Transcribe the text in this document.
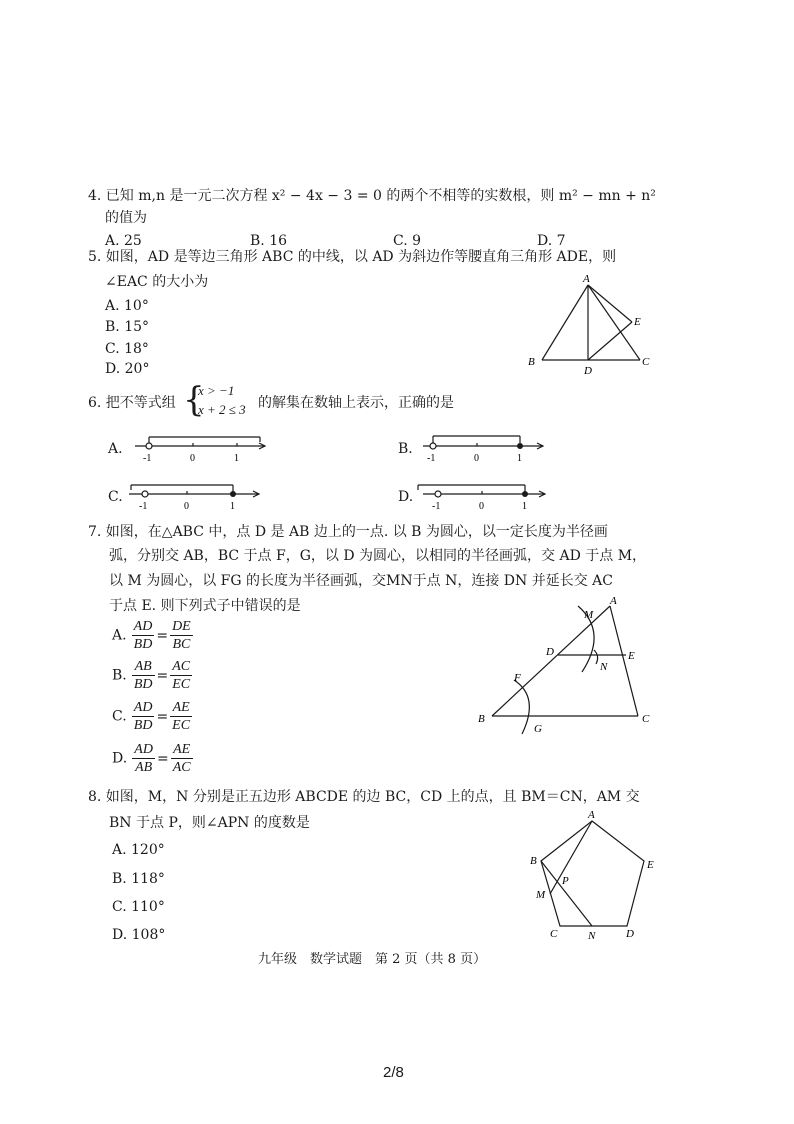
4. 已知 m,n 是一元二次方程 x² − 4x − 3 = 0 的两个不相等的实数根，则 m² − mn + n²
的值为
A. 25	B. 16	C. 9	D. 7
5. 如图，AD 是等边三角形 ABC 的中线，以 AD 为斜边作等腰直角三角形 ADE，则
∠EAC 的大小为
A. 10°
B. 15°
C. 18°
D. 20°
A
E
B
D
C
6. 把不等式组 {
x > −1
x + 2 ≤ 3 的解集在数轴上表示，正确的是
A.
-1	0	1
B.
-1	0	1
C.
-1	0	1
D.
-1	0	1
7. 如图，在△ABC 中，点 D 是 AB 边上的一点. 以 B 为圆心，以一定长度为半径画
弧，分别交 AB，BC 于点 F，G，以 D 为圆心，以相同的半径画弧，交 AD 于点 M，
以 M 为圆心，以 FG 的长度为半径画弧，交MN于点 N，连接 DN 并延长交 AC
于点 E. 则下列式子中错误的是
A. $\frac{AD}{BD} = \frac{DE}{BC}$
B. $\frac{AB}{BD} = \frac{AC}{EC}$
C. $\frac{AD}{BD} = \frac{AE}{EC}$
D. $\frac{AD}{AB} = \frac{AE}{AC}$
M
A
D
N
E
F
B
G
C
8. 如图，M，N 分别是正五边形 ABCDE 的边 BC，CD 上的点，且 BM＝CN，AM 交
BN 于点 P，则∠APN 的度数是
A. 120°
B. 118°
C. 110°
D. 108°
A
B	E
P
M
C	N	D
九年级　数学试题　第 2 页（共 8 页）
2/8
